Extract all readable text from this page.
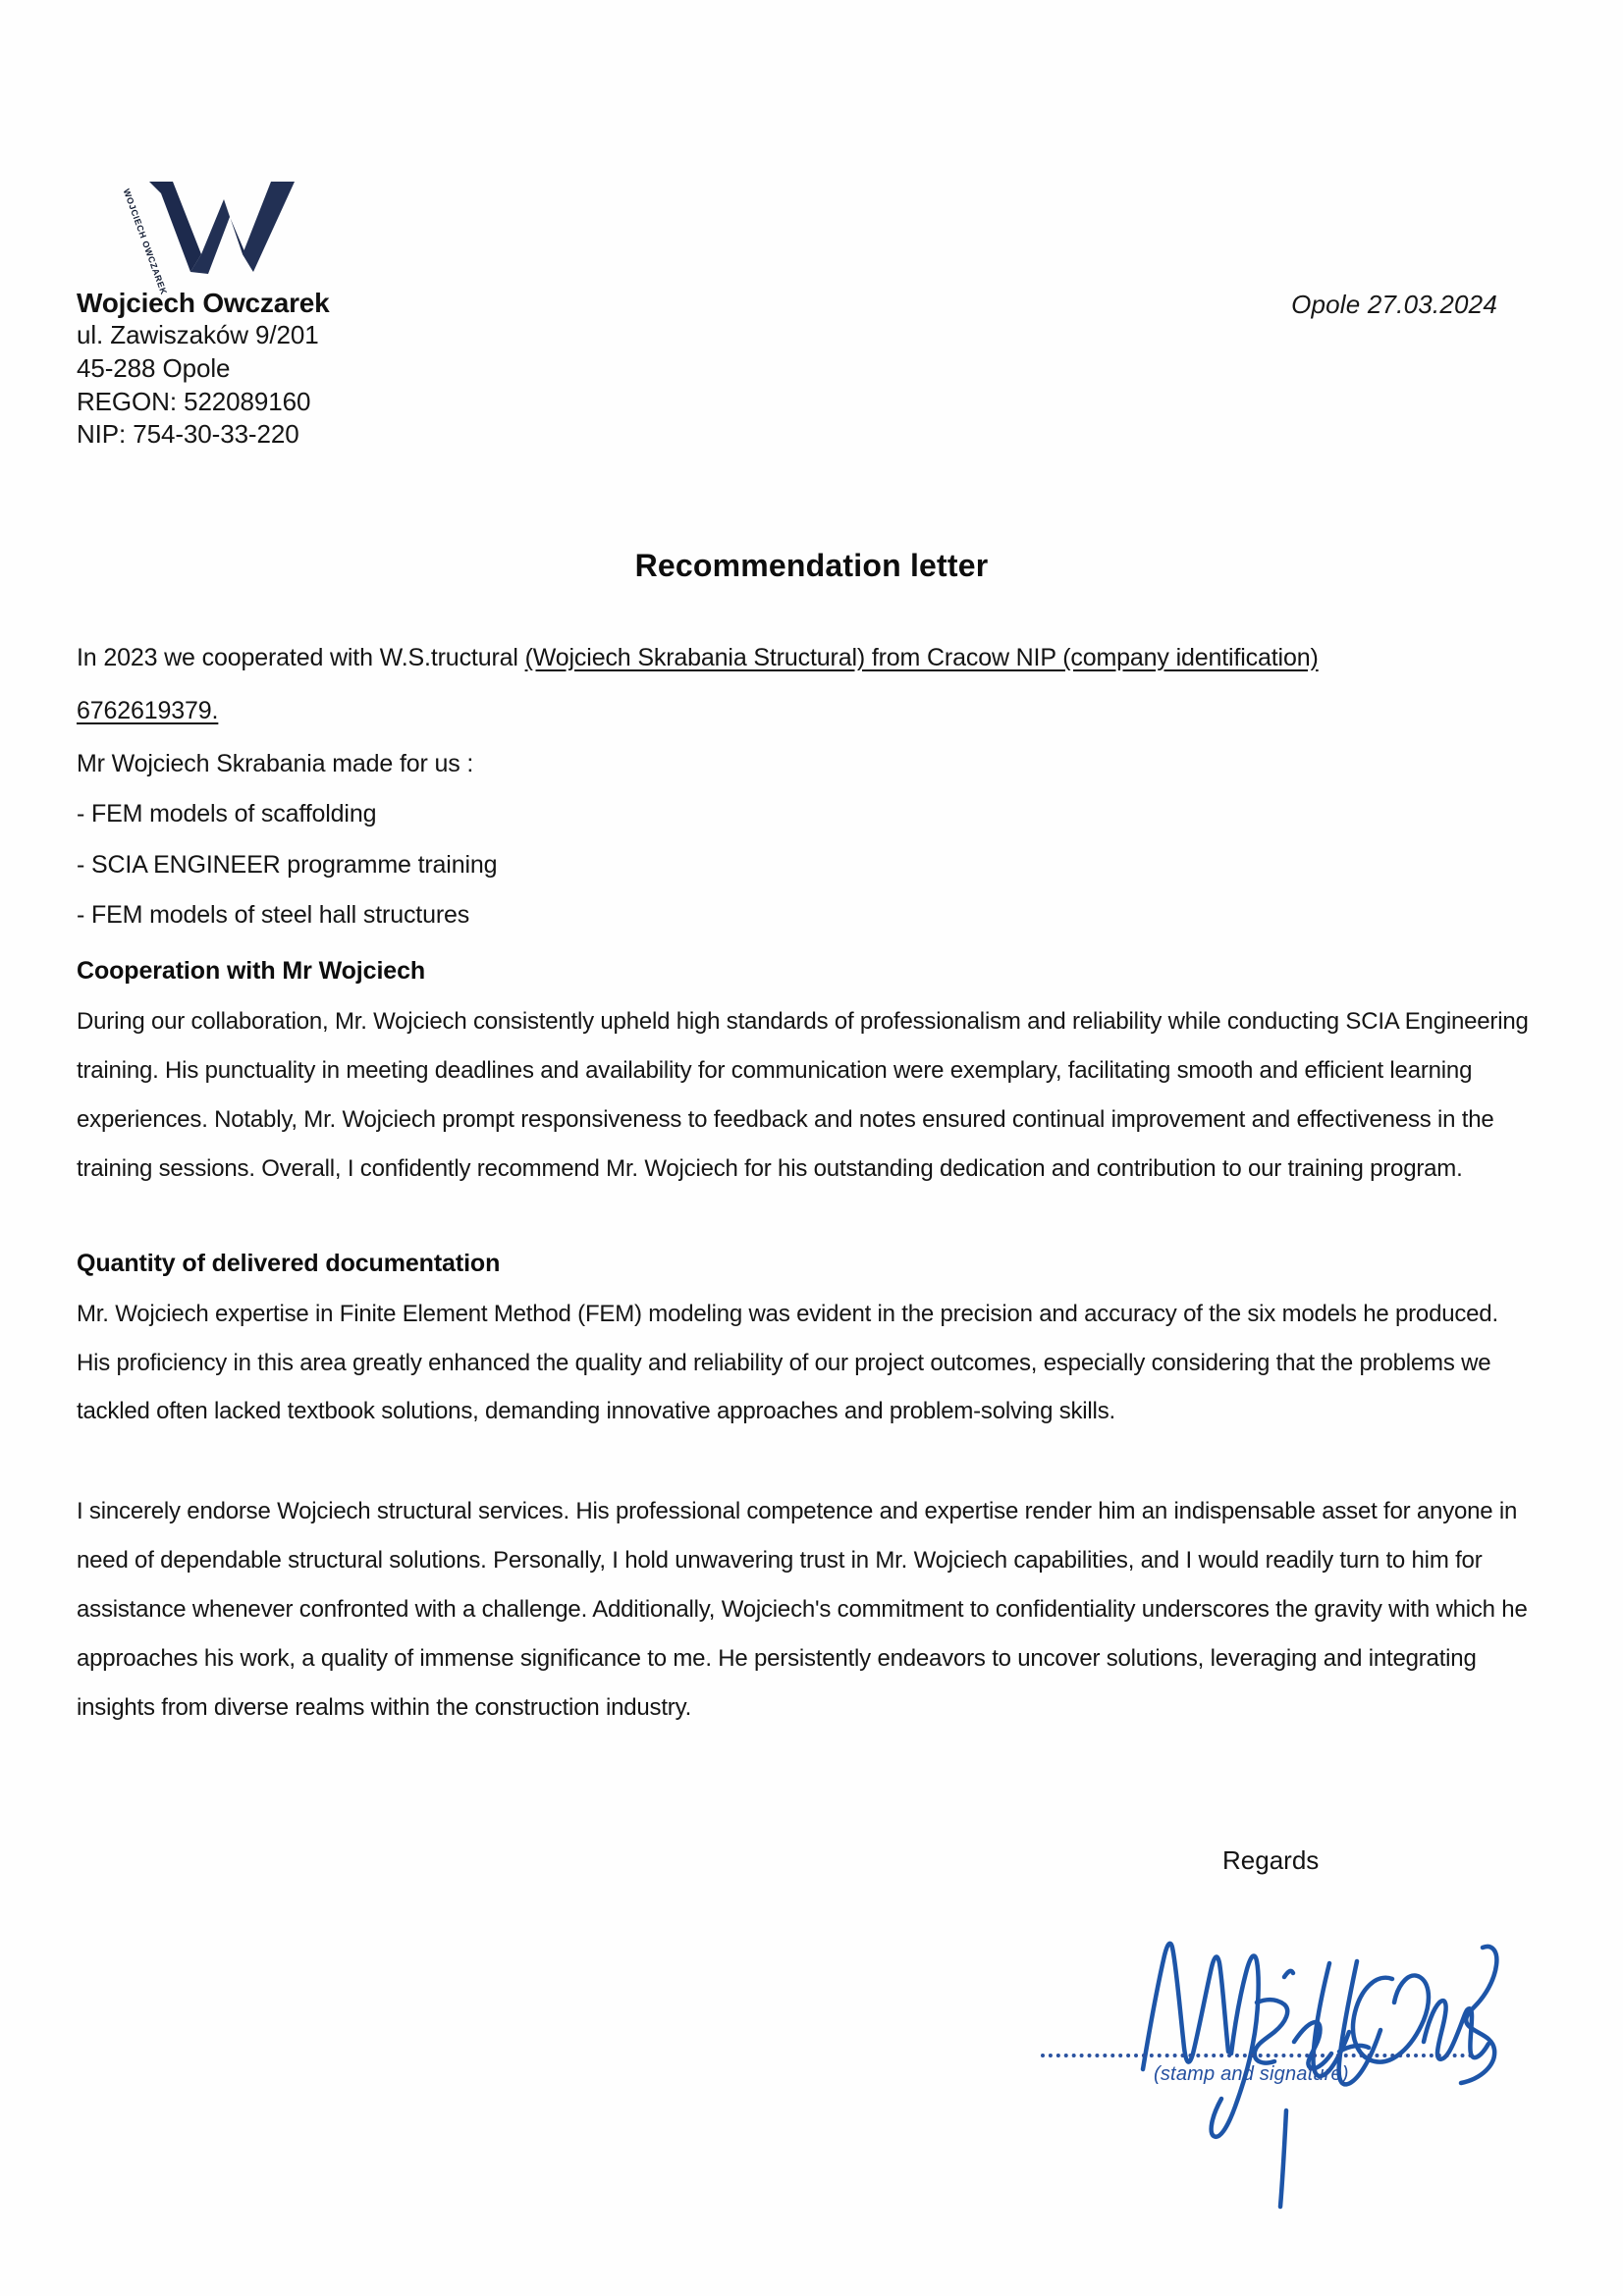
WOJCIECH OWCZAREK
Wojciech Owczarek
ul. Zawiszaków 9/201
45-288 Opole
REGON: 522089160
NIP: 754-30-33-220
Opole 27.03.2024
Recommendation letter

In 2023 we cooperated with W.S.tructural (Wojciech Skrabania Structural) from Cracow NIP (company identification)

6762619379.

Mr Wojciech Skrabania made for us :

- FEM models of scaffolding

- SCIA ENGINEER programme training

- FEM models of steel hall structures

Cooperation with Mr Wojciech

During our collaboration, Mr. Wojciech consistently upheld high standards of professionalism and reliability while conducting SCIA Engineering training. His punctuality in meeting deadlines and availability for communication were exemplary, facilitating smooth and efficient learning experiences. Notably, Mr. Wojciech prompt responsiveness to feedback and notes ensured continual improvement and effectiveness in the training sessions. Overall, I confidently recommend Mr. Wojciech for his outstanding dedication and contribution to our training program.

Quantity of delivered documentation

Mr. Wojciech expertise in Finite Element Method (FEM) modeling was evident in the precision and accuracy of the six models he produced. His proficiency in this area greatly enhanced the quality and reliability of our project outcomes, especially considering that the problems we tackled often lacked textbook solutions, demanding innovative approaches and problem-solving skills.

I sincerely endorse Wojciech structural services. His professional competence and expertise render him an indispensable asset for anyone in need of dependable structural solutions. Personally, I hold unwavering trust in Mr. Wojciech capabilities, and I would readily turn to him for assistance whenever confronted with a challenge. Additionally, Wojciech's commitment to confidentiality underscores the gravity with which he approaches his work, a quality of immense significance to me. He persistently endeavors to uncover solutions, leveraging and integrating insights from diverse realms within the construction industry.

Regards
(stamp and signature)
